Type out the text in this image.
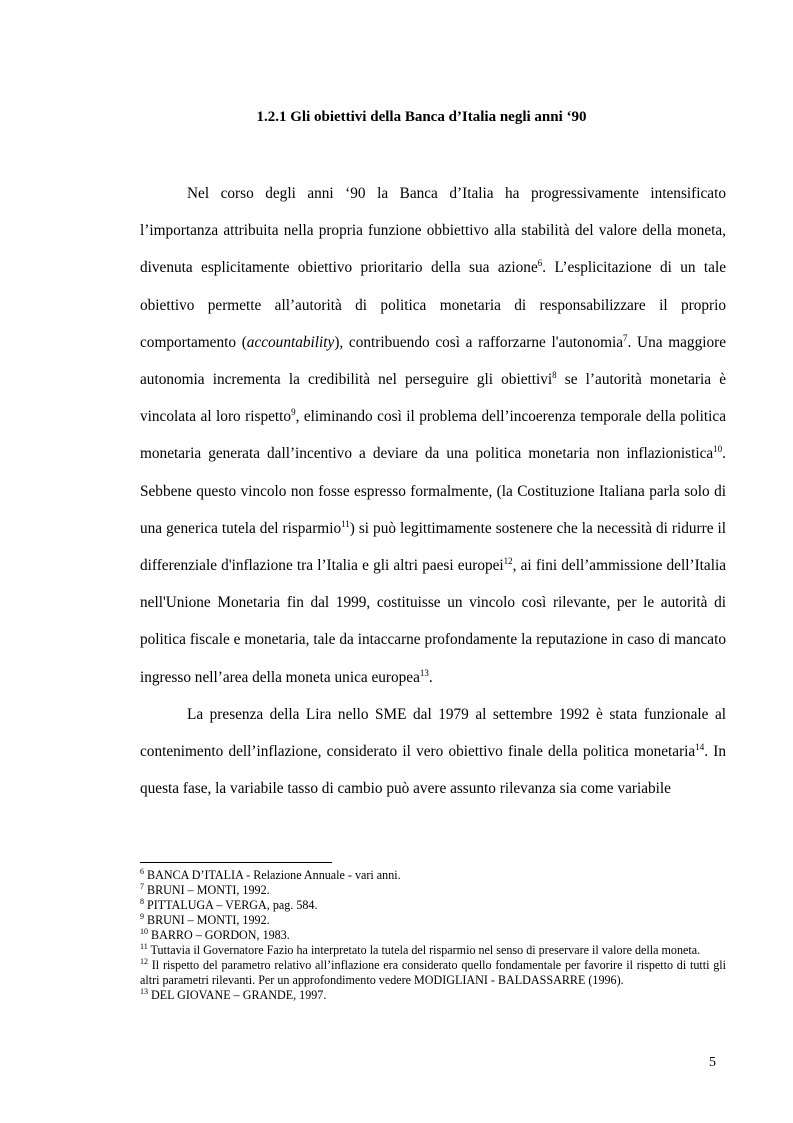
1.2.1 Gli obiettivi della Banca d’Italia negli anni ‘90

Nel corso degli anni ‘90 la Banca d’Italia ha progressivamente intensificato l’importanza attribuita nella propria funzione obbiettivo alla stabilità del valore della moneta, divenuta esplicitamente obiettivo prioritario della sua azione$^6$. L’esplicitazione di un tale obiettivo permette all’autorità di politica monetaria di responsabilizzare il proprio comportamento (accountability), contribuendo così a rafforzarne l'autonomia$^7$. Una maggiore autonomia incrementa la credibilità nel perseguire gli obiettivi$^8$ se l’autorità monetaria è vincolata al loro rispetto$^9$, eliminando così il problema dell’incoerenza temporale della politica monetaria generata dall’incentivo a deviare da una politica monetaria non inflazionistica$^{10}$. Sebbene questo vincolo non fosse espresso formalmente, (la Costituzione Italiana parla solo di una generica tutela del risparmio$^{11}$) si può legittimamente sostenere che la necessità di ridurre il differenziale d'inflazione tra l’Italia e gli altri paesi europei$^{12}$, ai fini dell’ammissione dell’Italia nell'Unione Monetaria fin dal 1999, costituisse un vincolo così rilevante, per le autorità di politica fiscale e monetaria, tale da intaccarne profondamente la reputazione in caso di mancato ingresso nell’area della moneta unica europea$^{13}$.

La presenza della Lira nello SME dal 1979 al settembre 1992 è stata funzionale al contenimento dell’inflazione, considerato il vero obiettivo finale della politica monetaria$^{14}$. In questa fase, la variabile tasso di cambio può avere assunto rilevanza sia come variabile

$^6$ BANCA D’ITALIA - Relazione Annuale - vari anni.

$^7$ BRUNI – MONTI, 1992.

$^8$ PITTALUGA – VERGA, pag. 584.

$^9$ BRUNI – MONTI, 1992.

$^{10}$ BARRO – GORDON, 1983.

$^{11}$ Tuttavia il Governatore Fazio ha interpretato la tutela del risparmio nel senso di preservare il valore della moneta.

$^{12}$ Il rispetto del parametro relativo all’inflazione era considerato quello fondamentale per favorire il rispetto di tutti gli altri parametri rilevanti. Per un approfondimento vedere MODIGLIANI - BALDASSARRE (1996).

$^{13}$ DEL GIOVANE – GRANDE, 1997.

5
